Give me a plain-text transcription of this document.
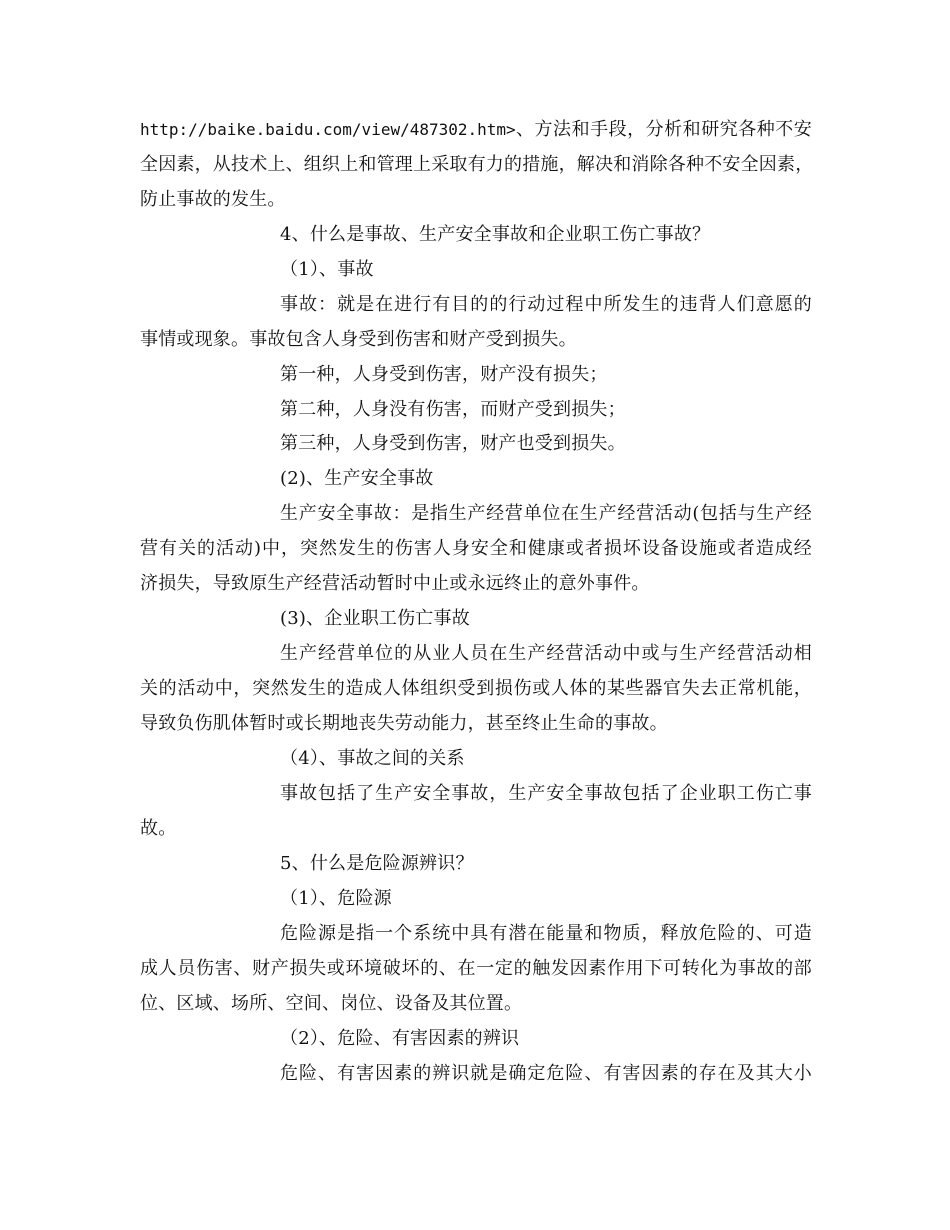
http://baike.baidu.com/view/487302.htm>、方法和手段，分析和研究各种不安
全因素，从技术上、组织上和管理上采取有力的措施，解决和消除各种不安全因素，
防止事故的发生。
4、什么是事故、生产安全事故和企业职工伤亡事故？
（1）、事故
事故：就是在进行有目的的行动过程中所发生的违背人们意愿的
事情或现象。事故包含人身受到伤害和财产受到损失。
第一种，人身受到伤害，财产没有损失；
第二种，人身没有伤害，而财产受到损失；
第三种，人身受到伤害，财产也受到损失。
(2)、生产安全事故
生产安全事故：是指生产经营单位在生产经营活动(包括与生产经
营有关的活动)中，突然发生的伤害人身安全和健康或者损坏设备设施或者造成经
济损失，导致原生产经营活动暂时中止或永远终止的意外事件。
(3)、企业职工伤亡事故
生产经营单位的从业人员在生产经营活动中或与生产经营活动相
关的活动中，突然发生的造成人体组织受到损伤或人体的某些器官失去正常机能，
导致负伤肌体暂时或长期地丧失劳动能力，甚至终止生命的事故。
（4）、事故之间的关系
事故包括了生产安全事故，生产安全事故包括了企业职工伤亡事
故。
5、什么是危险源辨识？
（1）、危险源
危险源是指一个系统中具有潜在能量和物质，释放危险的、可造
成人员伤害、财产损失或环境破坏的、在一定的触发因素作用下可转化为事故的部
位、区域、场所、空间、岗位、设备及其位置。
（2）、危险、有害因素的辨识
危险、有害因素的辨识就是确定危险、有害因素的存在及其大小
